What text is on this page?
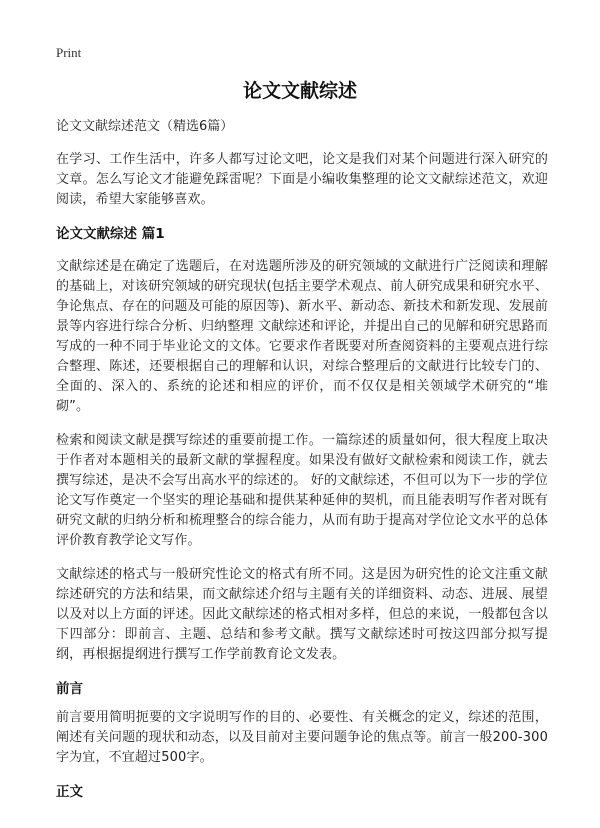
Print
论文文献综述
论文文献综述范文（精选6篇）

在学习、工作生活中，许多人都写过论文吧，论文是我们对某个问题进行深入研究的文章。怎么写论文才能避免踩雷呢？下面是小编收集整理的论文文献综述范文，欢迎阅读，希望大家能够喜欢。

论文文献综述 篇1

文献综述是在确定了选题后，在对选题所涉及的研究领域的文献进行广泛阅读和理解的基础上，对该研究领域的研究现状(包括主要学术观点、前人研究成果和研究水平、争论焦点、存在的问题及可能的原因等)、新水平、新动态、新技术和新发现、发展前景等内容进行综合分析、归纳整理 文献综述和评论，并提出自己的见解和研究思路而写成的一种不同于毕业论文的文体。它要求作者既要对所查阅资料的主要观点进行综合整理、陈述，还要根据自己的理解和认识，对综合整理后的文献进行比较专门的、全面的、深入的、系统的论述和相应的评价，而不仅仅是相关领域学术研究的“堆砌”。

检索和阅读文献是撰写综述的重要前提工作。一篇综述的质量如何，很大程度上取决于作者对本题相关的最新文献的掌握程度。如果没有做好文献检索和阅读工作，就去撰写综述，是决不会写出高水平的综述的。 好的文献综述，不但可以为下一步的学位论文写作奠定一个坚实的理论基础和提供某种延伸的契机，而且能表明写作者对既有研究文献的归纳分析和梳理整合的综合能力，从而有助于提高对学位论文水平的总体评价教育教学论文写作。

文献综述的格式与一般研究性论文的格式有所不同。这是因为研究性的论文注重文献综述研究的方法和结果，而文献综述介绍与主题有关的详细资料、动态、进展、展望以及对以上方面的评述。因此文献综述的格式相对多样，但总的来说，一般都包含以下四部分：即前言、主题、总结和参考文献。撰写文献综述时可按这四部分拟写提纲，再根据提纲进行撰写工作学前教育论文发表。

前言

前言要用简明扼要的文字说明写作的目的、必要性、有关概念的定义，综述的范围，阐述有关问题的现状和动态，以及目前对主要问题争论的焦点等。前言一般200-300字为宜，不宜超过500字。

正文
